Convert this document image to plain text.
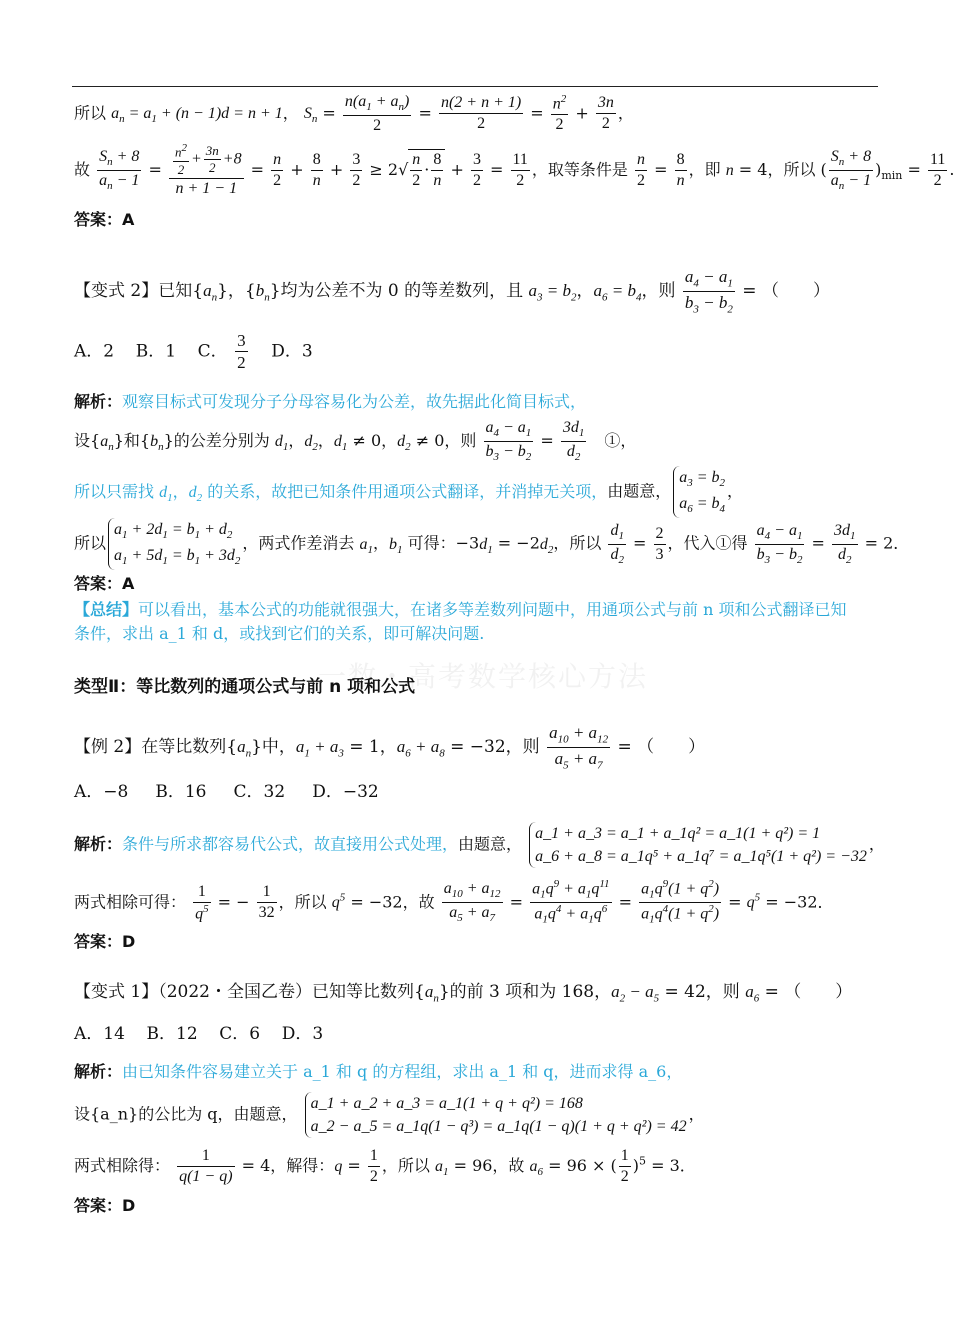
所以 $a_n = a_1 + (n - 1)d = n + 1$， $S_n = \frac{n(a_1 + a_n)}{2} = \frac{n(2 + n + 1)}{2} = \frac{n^2}{2} + \frac{3n}{2}$ ，
故 $\frac{S_n + 8}{a_n - 1} = \frac{\frac{n^2}{2} + \frac{3n}{2} +8}{n + 1 - 1} = \frac{n}{2} + \frac{8}{n} + \frac{3}{2} \ge 2√ \frac{n}{2} \cdot \frac{8}{n} + \frac{3}{2} = \frac{11}{2}$ ，取等条件是 $\frac{n}{2} = \frac{8}{n}$ ，即 n = 4，所以 ( $\frac{S_n + 8}{a_n - 1} )_{min} = \frac{11}{2}$ .
答案：A
【变式 2】已知$\{a_n\}$，$\{b_n\}$均为公差不为 0 的等差数列，且 $a_3 = b_2$，$a_6 = b_4$，则 $\frac{a_4 - a_1}{b_3 - b_2}$ = （　　）
A．2 B．1    C． $\frac{3}{2}$ D．3
解析：观察目标式可发现分子分母容易化为公差，故先据此化简目标式，
设$\{a_n\}$和$\{b_n\}$的公差分别为 $d_1$，$d_2$，$d_1 \ne 0$，$d_2 \ne 0$，则 $\frac{a_4 - a_1}{b_3 - b_2} = \frac{3d_1}{d_2}$ 　①，
所以只需找 $d_1$，$d_2$ 的关系，故把已知条件用通项公式翻译，并消掉无关项，由题意，
$a_3 = b_2$
$a_6 = b_4$
，
所以
$a_1 + 2d_1 = b_1 + d_2$
$a_1 + 5d_1 = b_1 + 3d_2$
，两式作差消去 $a_1$，$b_1$ 可得：$-3d_1 = -2d_2$，所以 $\frac{d_1}{d_2} = \frac{2}{3}$ ，代入①得 $\frac{a_4 - a_1}{b_3 - b_2} = \frac{3d_1}{d_2} = 2$．
答案：A
【总结】可以看出，基本公式的功能就很强大，在诸多等差数列问题中，用通项公式与前 n 项和公式翻译已知
条件，求出 a_1 和 d，或找到它们的关系，即可解决问题.
一数・高考数学核心方法
类型Ⅱ：等比数列的通项公式与前 n 项和公式
【例 2】在等比数列$\{a_n\}$中，$a_1 + a_3 = 1$，$a_6 + a_8 = -32$，则 $\frac{a_{10} + a_{12}}{a_5 + a_7}$ = （　　）
A．−8 B．16 C．32 D．−32
解析：条件与所求都容易代公式，故直接用公式处理，由题意，
a_1 + a_3 = a_1 + a_1q² = a_1(1 + q²) = 1
a_6 + a_8 = a_1q⁵ + a_1q⁷ = a_1q⁵(1 + q²) = −32
，
两式相除可得： $\frac{1}{q^5}$ = − $\frac{1}{32}$ ，所以 $q^5 = -32$，故 $\frac{a_{10} + a_{12}}{a_5 + a_7} = \frac{a_1q^9 + a_1q^{11}}{a_1q^4 + a_1q^6} = \frac{a_1q^9(1 + q^2)}{a_1q^4(1 + q^2)} = q^5 = -32$．
答案：D
【变式 1】（2022・全国乙卷）已知等比数列$\{a_n\}$的前 3 项和为 168，$a_2 - a_5 = 42$，则 $a_6$ = （　　）
A．14 B．12 C．6 D．3
解析：由已知条件容易建立关于 a_1 和 q 的方程组，求出 a_1 和 q，进而求得 a_6，
设{a_n}的公比为 q，由题意，
a_1 + a_2 + a_3 = a_1(1 + q + q²) = 168
a_2 − a_5 = a_1q(1 − q³) = a_1q(1 − q)(1 + q + q²) = 42
，
两式相除得： $\frac{1}{q(1 - q)} = 4$，解得：$q = \frac{1}{2}$ ，所以 $a_1 = 96$，故 $a_6 = 96$ × ( $\frac{1}{2} )^5 = 3$．
答案：D
